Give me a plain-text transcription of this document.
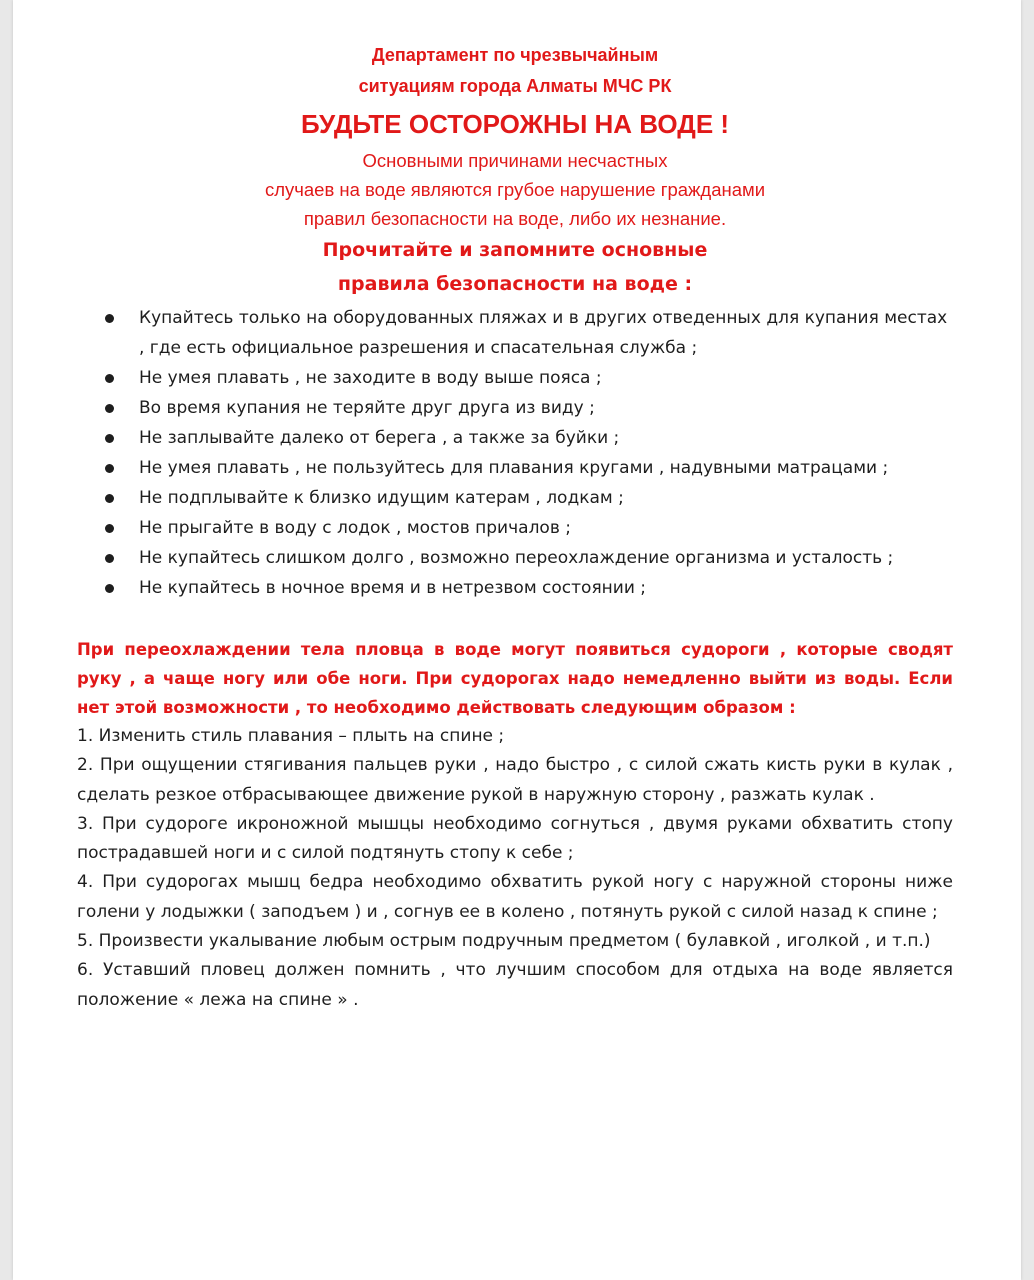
Департамент по чрезвычайным
ситуациям города Алматы МЧС РК
БУДЬТЕ ОСТОРОЖНЫ НА ВОДЕ !
Основными причинами несчастных
случаев на воде являются грубое нарушение гражданами
правил безопасности на воде, либо их незнание.
Прочитайте и запомните основные
правила безопасности на воде :
Купайтесь только на оборудованных пляжах и в других отведенных для купания местах , где есть официальное разрешения и спасательная служба ;
Не умея плавать , не заходите в воду выше пояса ;
Во время купания не теряйте друг друга из виду ;
Не заплывайте далеко от берега , а также за буйки ;
Не умея плавать , не пользуйтесь для плавания кругами , надувными матрацами ;
Не подплывайте к близко идущим катерам , лодкам ;
Не прыгайте в воду с лодок , мостов причалов ;
Не купайтесь слишком долго , возможно переохлаждение организма и усталость ;
Не купайтесь в ночное время и в нетрезвом состоянии ;
При переохлаждении тела пловца в воде могут появиться судороги , которые сводят руку , а чаще ногу или обе ноги. При судорогах надо немедленно выйти из воды. Если нет этой возможности , то необходимо действовать следующим образом :
1. Изменить стиль плавания – плыть на спине ;
2. При ощущении стягивания пальцев руки , надо быстро , с силой сжать кисть руки в кулак , сделать резкое отбрасывающее движение рукой в наружную сторону , разжать кулак .
3. При судороге икроножной мышцы необходимо согнуться , двумя руками обхватить стопу пострадавшей ноги и с силой подтянуть стопу к себе ;
4. При судорогах мышц бедра необходимо обхватить рукой ногу с наружной стороны ниже голени у лодыжки ( заподъем ) и , согнув ее в колено , потянуть рукой с силой назад к спине ;
5. Произвести укалывание любым острым подручным предметом ( булавкой , иголкой , и т.п.)
6. Уставший пловец должен помнить , что лучшим способом для отдыха на воде является положение « лежа на спине » .
